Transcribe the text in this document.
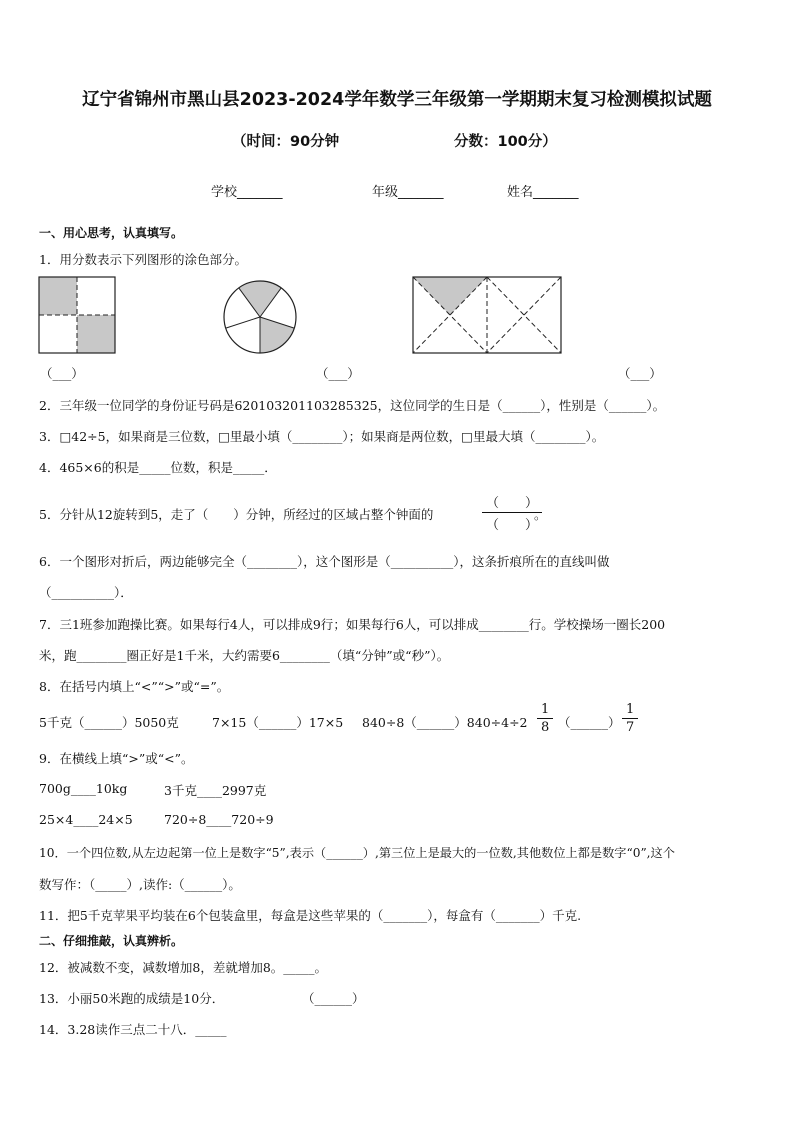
辽宁省锦州市黑山县2023-2024学年数学三年级第一学期期末复习检测模拟试题
（时间：90分钟	分数：100分）
学校_______	年级_______	姓名_______
一、用心思考，认真填写。
1．用分数表示下列图形的涂色部分。
（___）	（___）	（___）
2．三年级一位同学的身份证号码是620103201103285325，这位同学的生日是（______），性别是（______）。
3．□42÷5，如果商是三位数，□里最小填（________）；如果商是两位数，□里最大填（________）。
4．465×6的积是_____位数，积是_____．
5．分针从12旋转到5，走了（　　）分钟，所经过的区域占整个钟面的
（　　）
（　　）
。
6．一个图形对折后，两边能够完全（________），这个图形是（__________），这条折痕所在的直线叫做
（__________）．
7．三1班参加跑操比赛。如果每行4人，可以排成9行；如果每行6人，可以排成________行。学校操场一圈长200
米，跑________圈正好是1千米，大约需要6________（填“分钟”或“秒”）。
8．在括号内填上“<”“>”或“=”。
5千克（______）5050克	7×15（______）17×5 840÷8（______）840÷4÷2 $\frac{1}{8}$ （______） $\frac{1}{7}$
9．在横线上填“>”或“<”。
700g____10kg	3千克____2997克
25×4____24×5	720÷8____720÷9
10．一个四位数,从左边起第一位上是数字“5”,表示（______）,第三位上是最大的一位数,其他数位上都是数字“0”,这个
数写作：（_____）,读作:（______）。
11．把5千克苹果平均装在6个包装盒里，每盒是这些苹果的（_______），每盒有（_______）千克.
二、仔细推敲，认真辨析。
12．被减数不变，减数增加8，差就增加8。_____。
13．小丽50米跑的成绩是10分．	（______）
14．3.28读作三点二十八．_____
